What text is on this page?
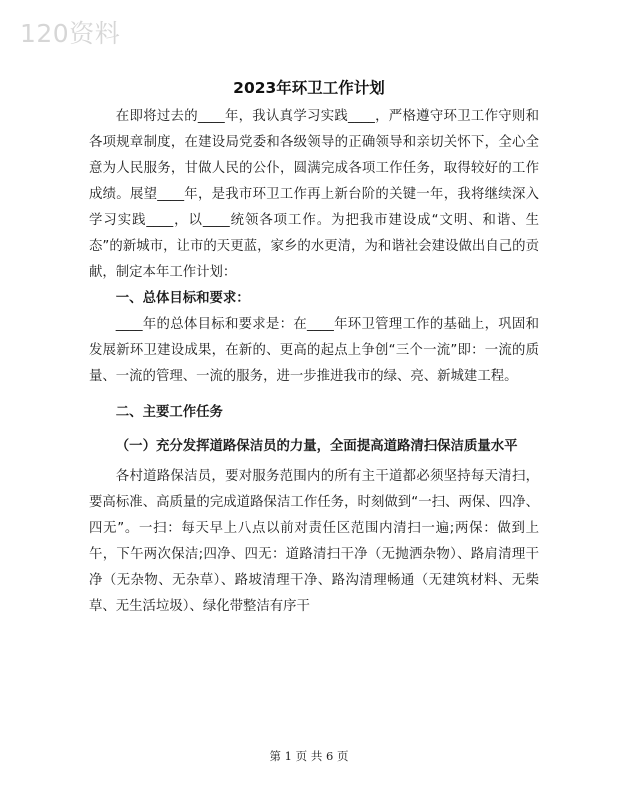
120资料
2023年环卫工作计划

在即将过去的____年，我认真学习实践____，严格遵守环卫工作守则和各项规章制度，在建设局党委和各级领导的正确领导和亲切关怀下，全心全意为人民服务，甘做人民的公仆，圆满完成各项工作任务，取得较好的工作成绩。展望____年，是我市环卫工作再上新台阶的关键一年，我将继续深入学习实践____，以____统领各项工作。为把我市建设成“文明、和谐、生态”的新城市，让市的天更蓝，家乡的水更清，为和谐社会建设做出自己的贡献，制定本年工作计划：

一、总体目标和要求：

____年的总体目标和要求是：在____年环卫管理工作的基础上，巩固和发展新环卫建设成果，在新的、更高的起点上争创“三个一流”即：一流的质量、一流的管理、一流的服务，进一步推进我市的绿、亮、新城建工程。

二、主要工作任务

（一）充分发挥道路保洁员的力量，全面提高道路清扫保洁质量水平

各村道路保洁员，要对服务范围内的所有主干道都必须坚持每天清扫，要高标准、高质量的完成道路保洁工作任务，时刻做到“一扫、两保、四净、四无”。一扫：每天早上八点以前对责任区范围内清扫一遍;两保：做到上午，下午两次保洁;四净、四无：道路清扫干净（无抛洒杂物）、路肩清理干净（无杂物、无杂草）、路坡清理干净、路沟清理畅通（无建筑材料、无柴草、无生活垃圾）、绿化带整洁有序干

第 1 页 共 6 页
